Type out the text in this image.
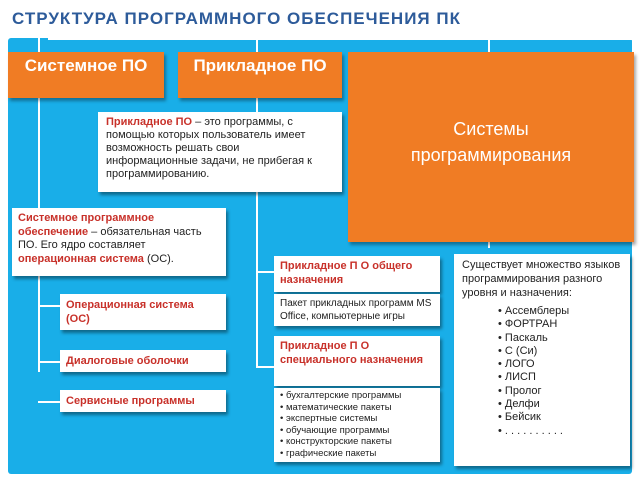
СТРУКТУРА ПРОГРАММНОГО ОБЕСПЕЧЕНИЯ ПК
Системное ПО	Прикладное ПО
Системы программирования
Прикладное ПО – это программы, с помощью которых пользователь имеет возможность решать свои информационные задачи, не прибегая к программированию.
Системное программное обеспечение – обязательная часть ПО. Его ядро составляет операционная система (ОС).
Операционная система (ОС)
Диалоговые оболочки
Сервисные программы
Прикладное П О общего назначения
Пакет прикладных программ MS Office, компьютерные игры
Прикладное П О специального назначения
• бухгалтерские программы
• математические пакеты
• экспертные системы
• обучающие программы
• конструкторские пакеты
• графические пакеты
Существует множество языков программирования разного уровня и назначения:
• Ассемблеры
• ФОРТРАН
• Паскаль
• С (Си)
• ЛОГО
• ЛИСП
• Пролог
• Делфи
• Бейсик
• . . . . . . . . . .
